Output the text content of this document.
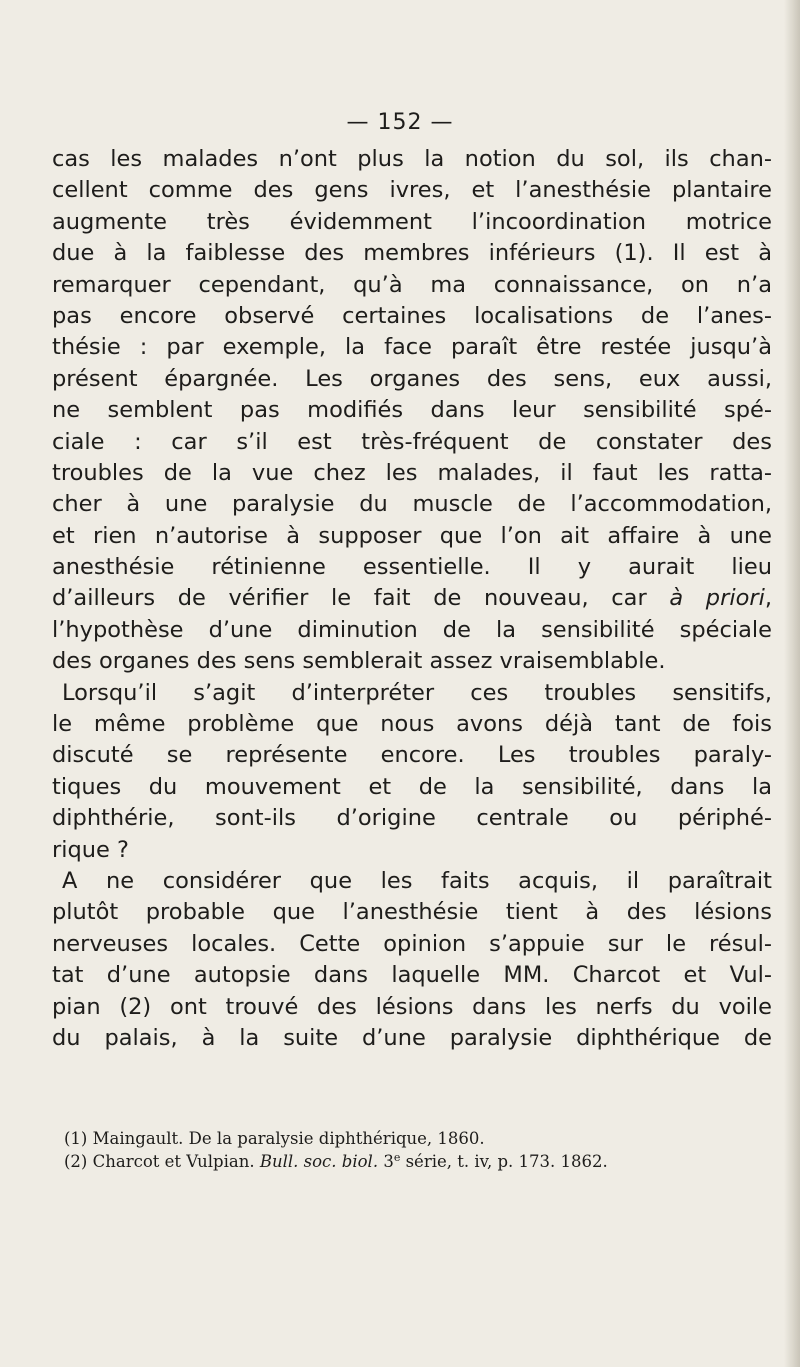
— 152 —
cas les malades n’ont plus la notion du sol, ils chan-
cellent comme des gens ivres, et l’anesthésie plantaire
augmente très évidemment l’incoordination motrice
due à la faiblesse des membres inférieurs (1). Il est à
remarquer cependant, qu’à ma connaissance, on n’a
pas encore observé certaines localisations de l’anes-
thésie : par exemple, la face paraît être restée jusqu’à
présent épargnée. Les organes des sens, eux aussi,
ne semblent pas modifiés dans leur sensibilité spé-
ciale : car s’il est très-fréquent de constater des
troubles de la vue chez les malades, il faut les ratta-
cher à une paralysie du muscle de l’accommodation,
et rien n’autorise à supposer que l’on ait affaire à une
anesthésie rétinienne essentielle. Il y aurait lieu
d’ailleurs de vérifier le fait de nouveau, car à priori,
l’hypothèse d’une diminution de la sensibilité spéciale
des organes des sens semblerait assez vraisemblable.
Lorsqu’il s’agit d’interpréter ces troubles sensitifs,
le même problème que nous avons déjà tant de fois
discuté se représente encore. Les troubles paraly-
tiques du mouvement et de la sensibilité, dans la
diphthérie, sont-ils d’origine centrale ou périphé-
rique ?
A ne considérer que les faits acquis, il paraîtrait
plutôt probable que l’anesthésie tient à des lésions
nerveuses locales. Cette opinion s’appuie sur le résul-
tat d’une autopsie dans laquelle MM. Charcot et Vul-
pian (2) ont trouvé des lésions dans les nerfs du voile
du palais, à la suite d’une paralysie diphthérique de
(1) Maingault. De la paralysie diphthérique, 1860.
(2) Charcot et Vulpian. Bull. soc. biol. 3e série, t. iv, p. 173. 1862.
